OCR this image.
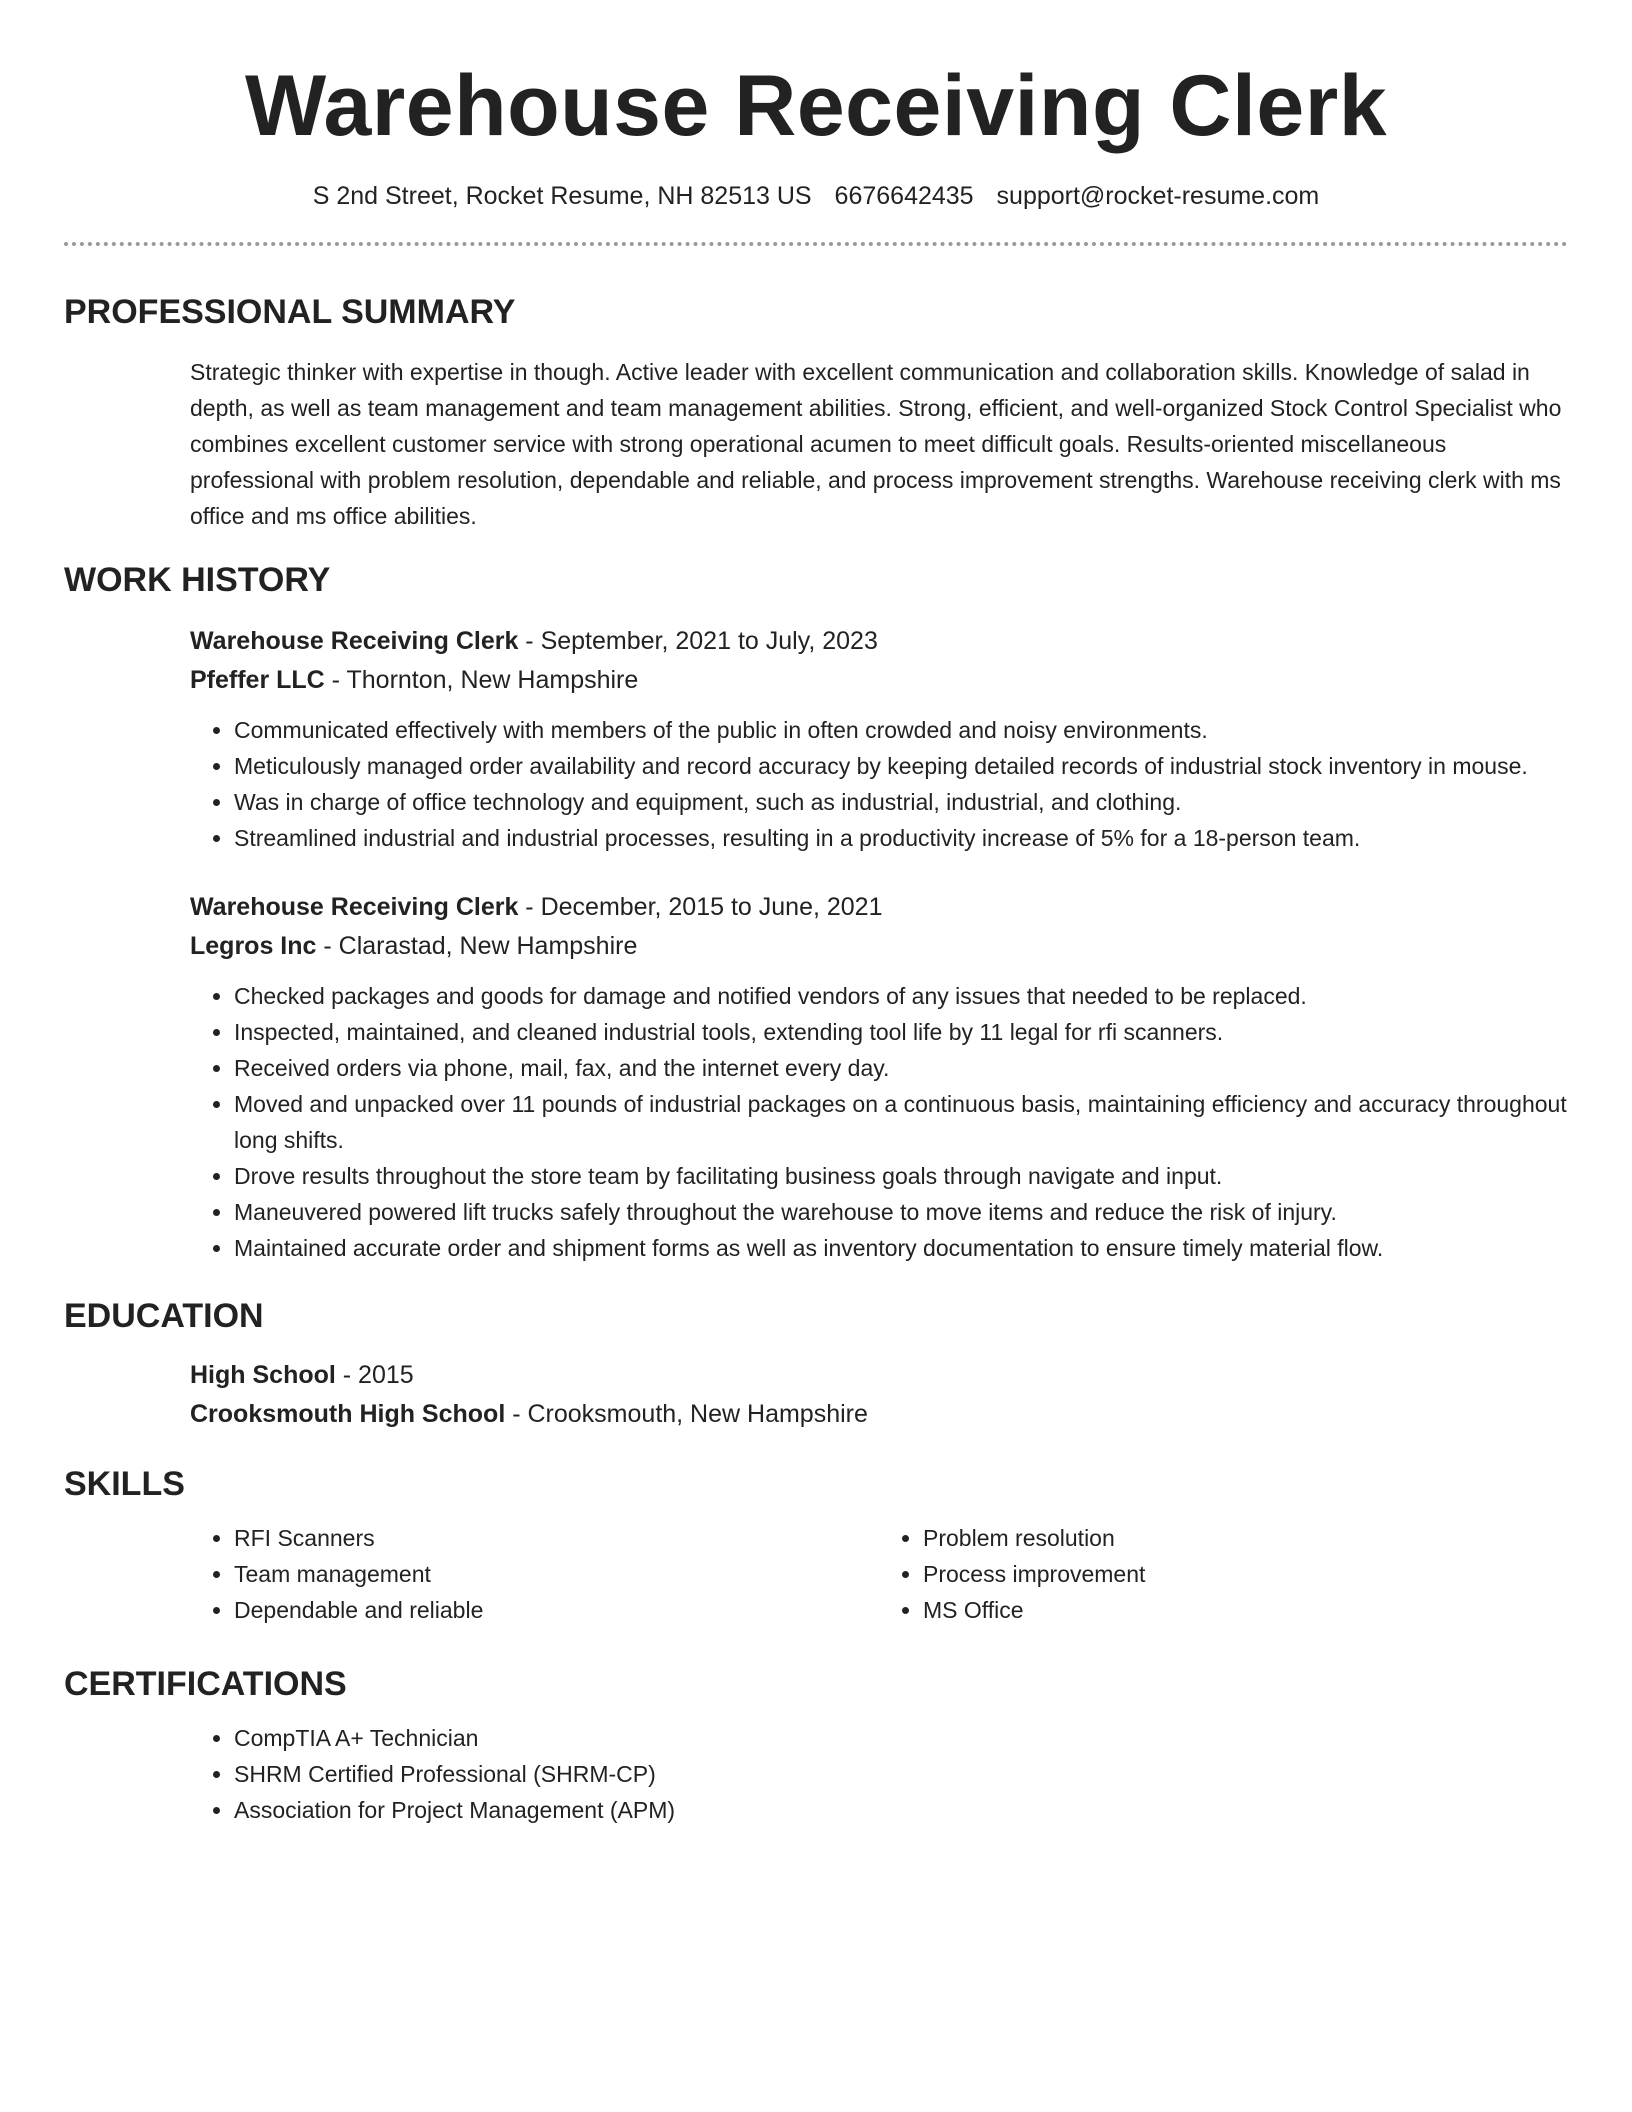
Warehouse Receiving Clerk
S 2nd Street, Rocket Resume, NH 82513 US 6676642435 support@rocket-resume.com
PROFESSIONAL SUMMARY

Strategic thinker with expertise in though. Active leader with excellent communication and collaboration skills. Knowledge of salad in depth, as well as team management and team management abilities. Strong, efficient, and well-organized Stock Control Specialist who combines excellent customer service with strong operational acumen to meet difficult goals. Results-oriented miscellaneous professional with problem resolution, dependable and reliable, and process improvement strengths. Warehouse receiving clerk with ms office and ms office abilities.

WORK HISTORY
Warehouse Receiving Clerk - September, 2021 to July, 2023
Pfeffer LLC - Thornton, New Hampshire
• Communicated effectively with members of the public in often crowded and noisy environments.
• Meticulously managed order availability and record accuracy by keeping detailed records of industrial stock inventory in mouse.
• Was in charge of office technology and equipment, such as industrial, industrial, and clothing.
• Streamlined industrial and industrial processes, resulting in a productivity increase of 5% for a 18-person team.
Warehouse Receiving Clerk - December, 2015 to June, 2021
Legros Inc - Clarastad, New Hampshire
• Checked packages and goods for damage and notified vendors of any issues that needed to be replaced.
• Inspected, maintained, and cleaned industrial tools, extending tool life by 11 legal for rfi scanners.
• Received orders via phone, mail, fax, and the internet every day.
• Moved and unpacked over 11 pounds of industrial packages on a continuous basis, maintaining efficiency and accuracy throughout long shifts.
• Drove results throughout the store team by facilitating business goals through navigate and input.
• Maneuvered powered lift trucks safely throughout the warehouse to move items and reduce the risk of injury.
• Maintained accurate order and shipment forms as well as inventory documentation to ensure timely material flow.
EDUCATION
High School - 2015
Crooksmouth High School - Crooksmouth, New Hampshire
SKILLS
• RFI Scanners
• Team management
• Dependable and reliable
• Problem resolution
• Process improvement
• MS Office
CERTIFICATIONS
• CompTIA A+ Technician
• SHRM Certified Professional (SHRM-CP)
• Association for Project Management (APM)
